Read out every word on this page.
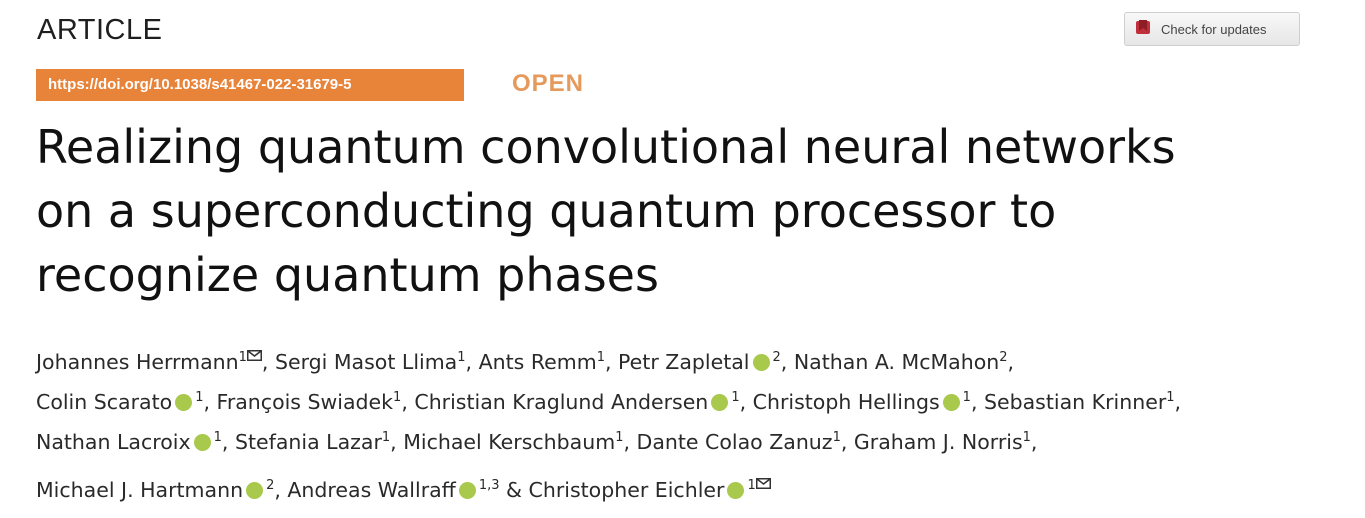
ARTICLE	Check for updates
https://doi.org/10.1038/s41467-022-31679-5	OPEN
Realizing quantum convolutional neural networks
on a superconducting quantum processor to
recognize quantum phases
Johannes Herrmann$^1$ , Sergi Masot Llima$^1$, Ants Remm$^1$, Petr Zapletal $^2$, Nathan A. McMahon$^2$,
Colin Scarato $^1$, François Swiadek$^1$, Christian Kraglund Andersen $^1$, Christoph Hellings $^1$, Sebastian Krinner$^1$,
Nathan Lacroix $^1$, Stefania Lazar$^1$, Michael Kerschbaum$^1$, Dante Colao Zanuz$^1$, Graham J. Norris$^1$,
Michael J. Hartmann $^2$, Andreas Wallraff $^{1,3}$ & Christopher Eichler $^1$
